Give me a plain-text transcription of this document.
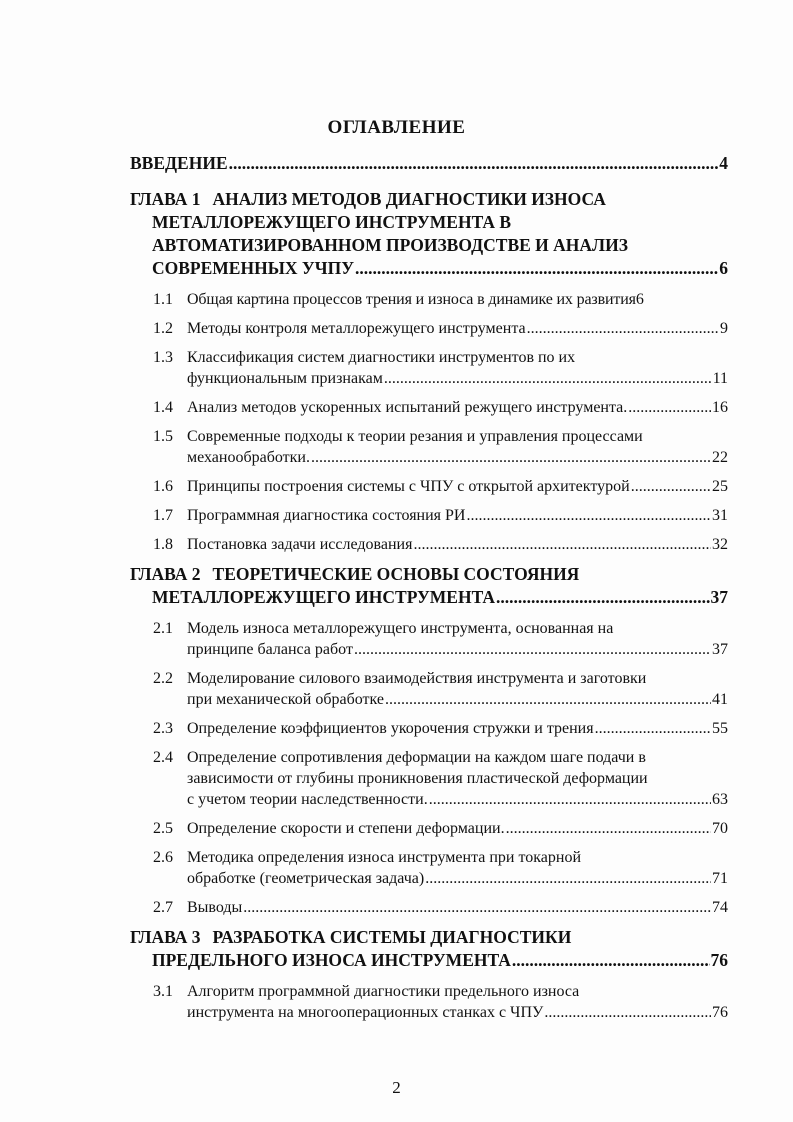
ОГЛАВЛЕНИЕ
ВВЕДЕНИЕ .....	4
ГЛАВА 1 АНАЛИЗ МЕТОДОВ ДИАГНОСТИКИ ИЗНОСА
МЕТАЛЛОРЕЖУЩЕГО ИНСТРУМЕНТА В
АВТОМАТИЗИРОВАННОМ ПРОИЗВОДСТВЕ И АНАЛИЗ
СОВРЕМЕННЫХ УЧПУ .....	6
1.1 Общая картина процессов трения и износа в динамике их развития 6
1.2 Методы контроля металлорежущего инструмента .....	9
1.3 Классификация систем диагностики инструментов по их
функциональным признакам .....	11
1.4 Анализ методов ускоренных испытаний режущего инструмента. .....	16
1.5 Современные подходы к теории резания и управления процессами
механообработки. .....	22
1.6 Принципы построения системы с ЧПУ с открытой архитектурой .....	25
1.7 Программная диагностика состояния РИ .....	31
1.8 Постановка задачи исследования .....	32
ГЛАВА 2 ТЕОРЕТИЧЕСКИЕ ОСНОВЫ СОСТОЯНИЯ
МЕТАЛЛОРЕЖУЩЕГО ИНСТРУМЕНТА .....	37
2.1 Модель износа металлорежущего инструмента, основанная на
принципе баланса работ .....	37
2.2 Моделирование силового взаимодействия инструмента и заготовки
при механической обработке .....	41
2.3 Определение коэффициентов укорочения стружки и трения .....	55
2.4 Определение сопротивления деформации на каждом шаге подачи в
зависимости от глубины проникновения пластической деформации
с учетом теории наследственности. .....	63
2.5 Определение скорости и степени деформации. .....	70
2.6 Методика определения износа инструмента при токарной
обработке (геометрическая задача) .....	71
2.7 Выводы .....	74
ГЛАВА 3 РАЗРАБОТКА СИСТЕМЫ ДИАГНОСТИКИ
ПРЕДЕЛЬНОГО ИЗНОСА ИНСТРУМЕНТА .....	76
3.1 Алгоритм программной диагностики предельного износа
инструмента на многооперационных станках с ЧПУ .....	76
2
